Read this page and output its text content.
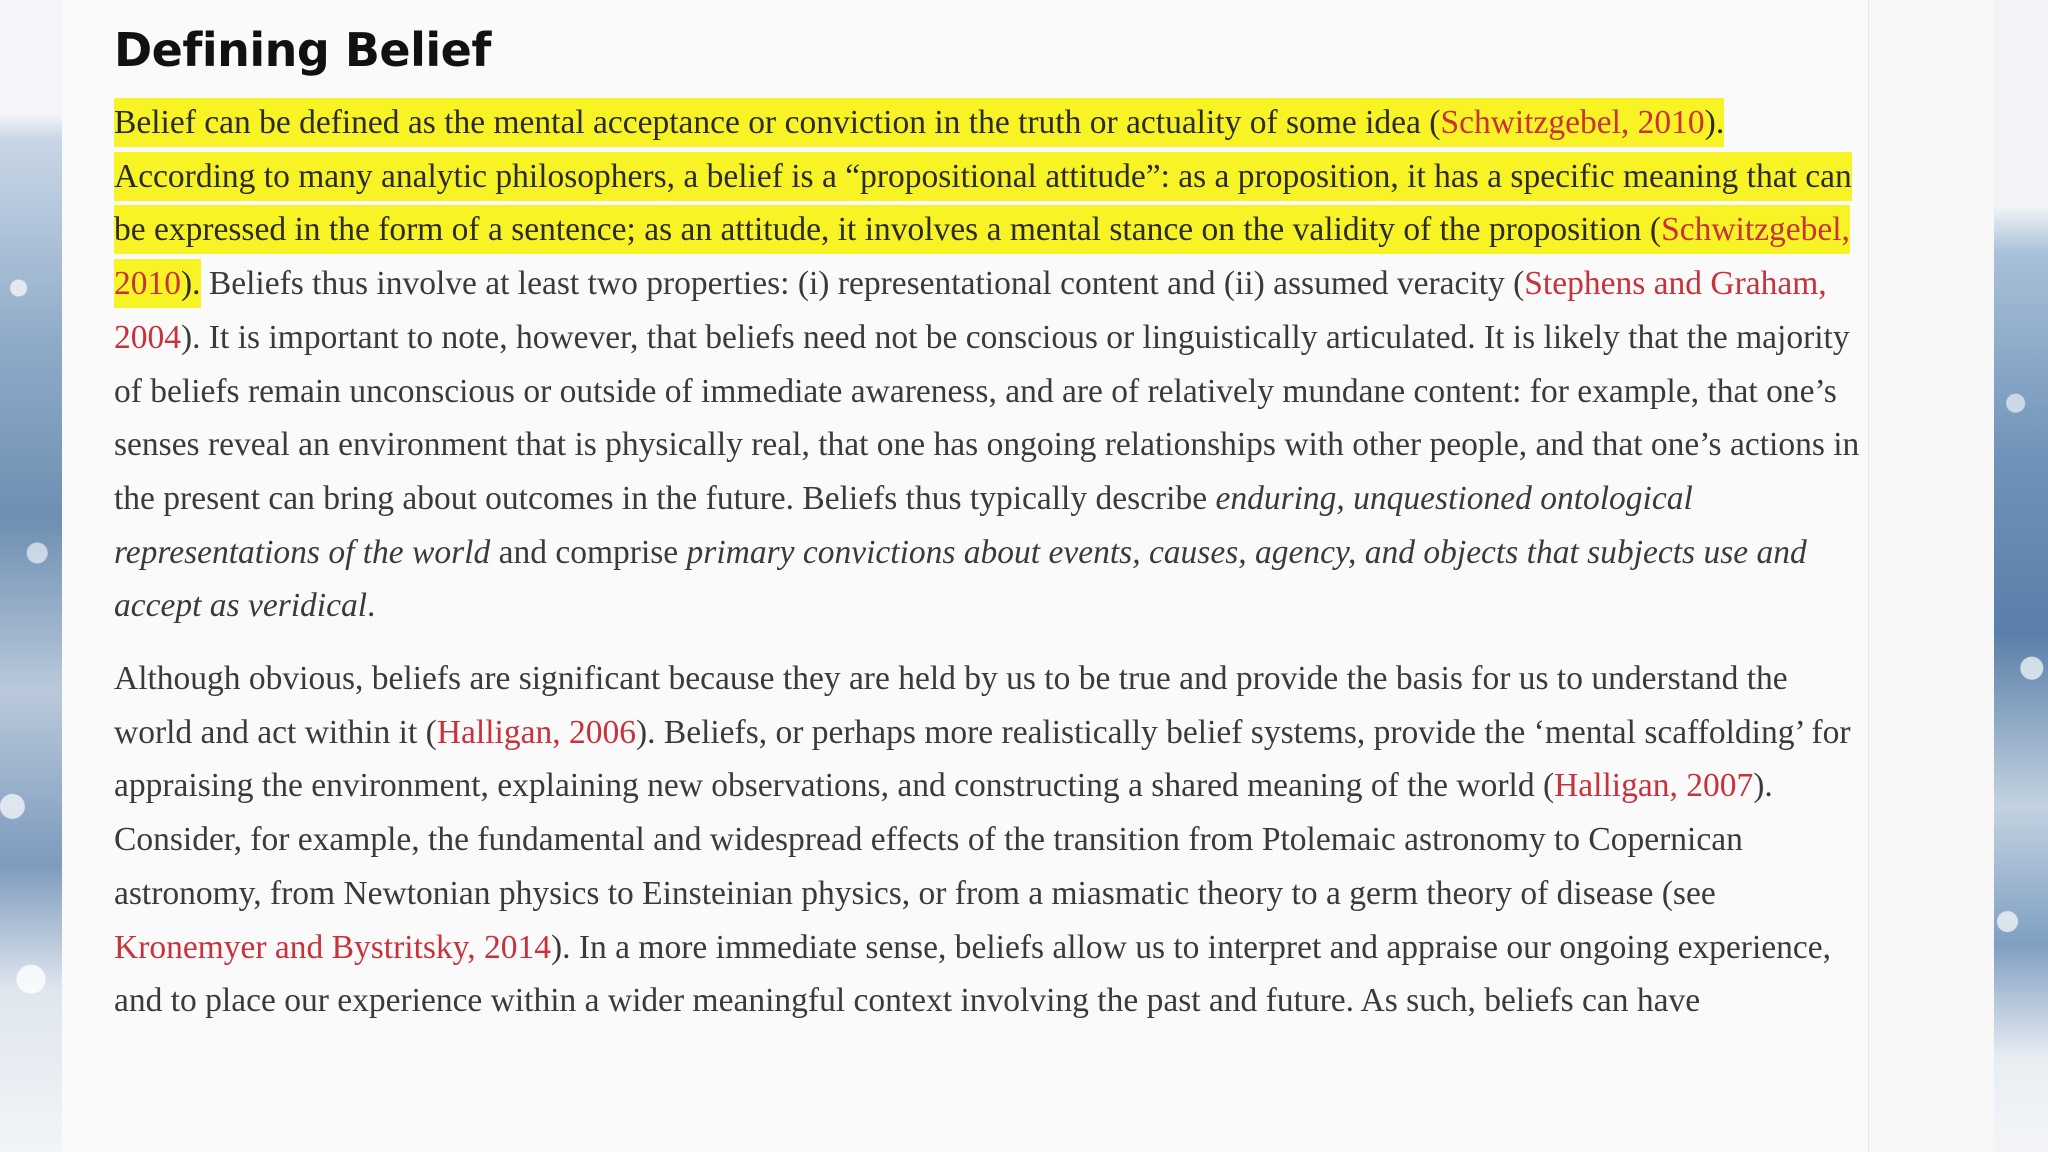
Defining Belief

Belief can be defined as the mental acceptance or conviction in the truth or actuality of some idea (Schwitzgebel, 2010). According to many analytic philosophers, a belief is a “propositional attitude”: as a proposition, it has a specific meaning that can be expressed in the form of a sentence; as an attitude, it involves a mental stance on the validity of the proposition (Schwitzgebel, 2010). Beliefs thus involve at least two properties: (i) representational content and (ii) assumed veracity (Stephens and Graham, 2004). It is important to note, however, that beliefs need not be conscious or linguistically articulated. It is likely that the majority of beliefs remain unconscious or outside of immediate awareness, and are of relatively mundane content: for example, that one’s senses reveal an environment that is physically real, that one has ongoing relationships with other people, and that one’s actions in the present can bring about outcomes in the future. Beliefs thus typically describe enduring, unquestioned ontological representations of the world and comprise primary convictions about events, causes, agency, and objects that subjects use and accept as veridical.

Although obvious, beliefs are significant because they are held by us to be true and provide the basis for us to understand the world and act within it (Halligan, 2006). Beliefs, or perhaps more realistically belief systems, provide the ‘mental scaffolding’ for appraising the environment, explaining new observations, and constructing a shared meaning of the world (Halligan, 2007). Consider, for example, the fundamental and widespread effects of the transition from Ptolemaic astronomy to Copernican astronomy, from Newtonian physics to Einsteinian physics, or from a miasmatic theory to a germ theory of disease (see Kronemyer and Bystritsky, 2014). In a more immediate sense, beliefs allow us to interpret and appraise our ongoing experience, and to place our experience within a wider meaningful context involving the past and future. As such, beliefs can have
